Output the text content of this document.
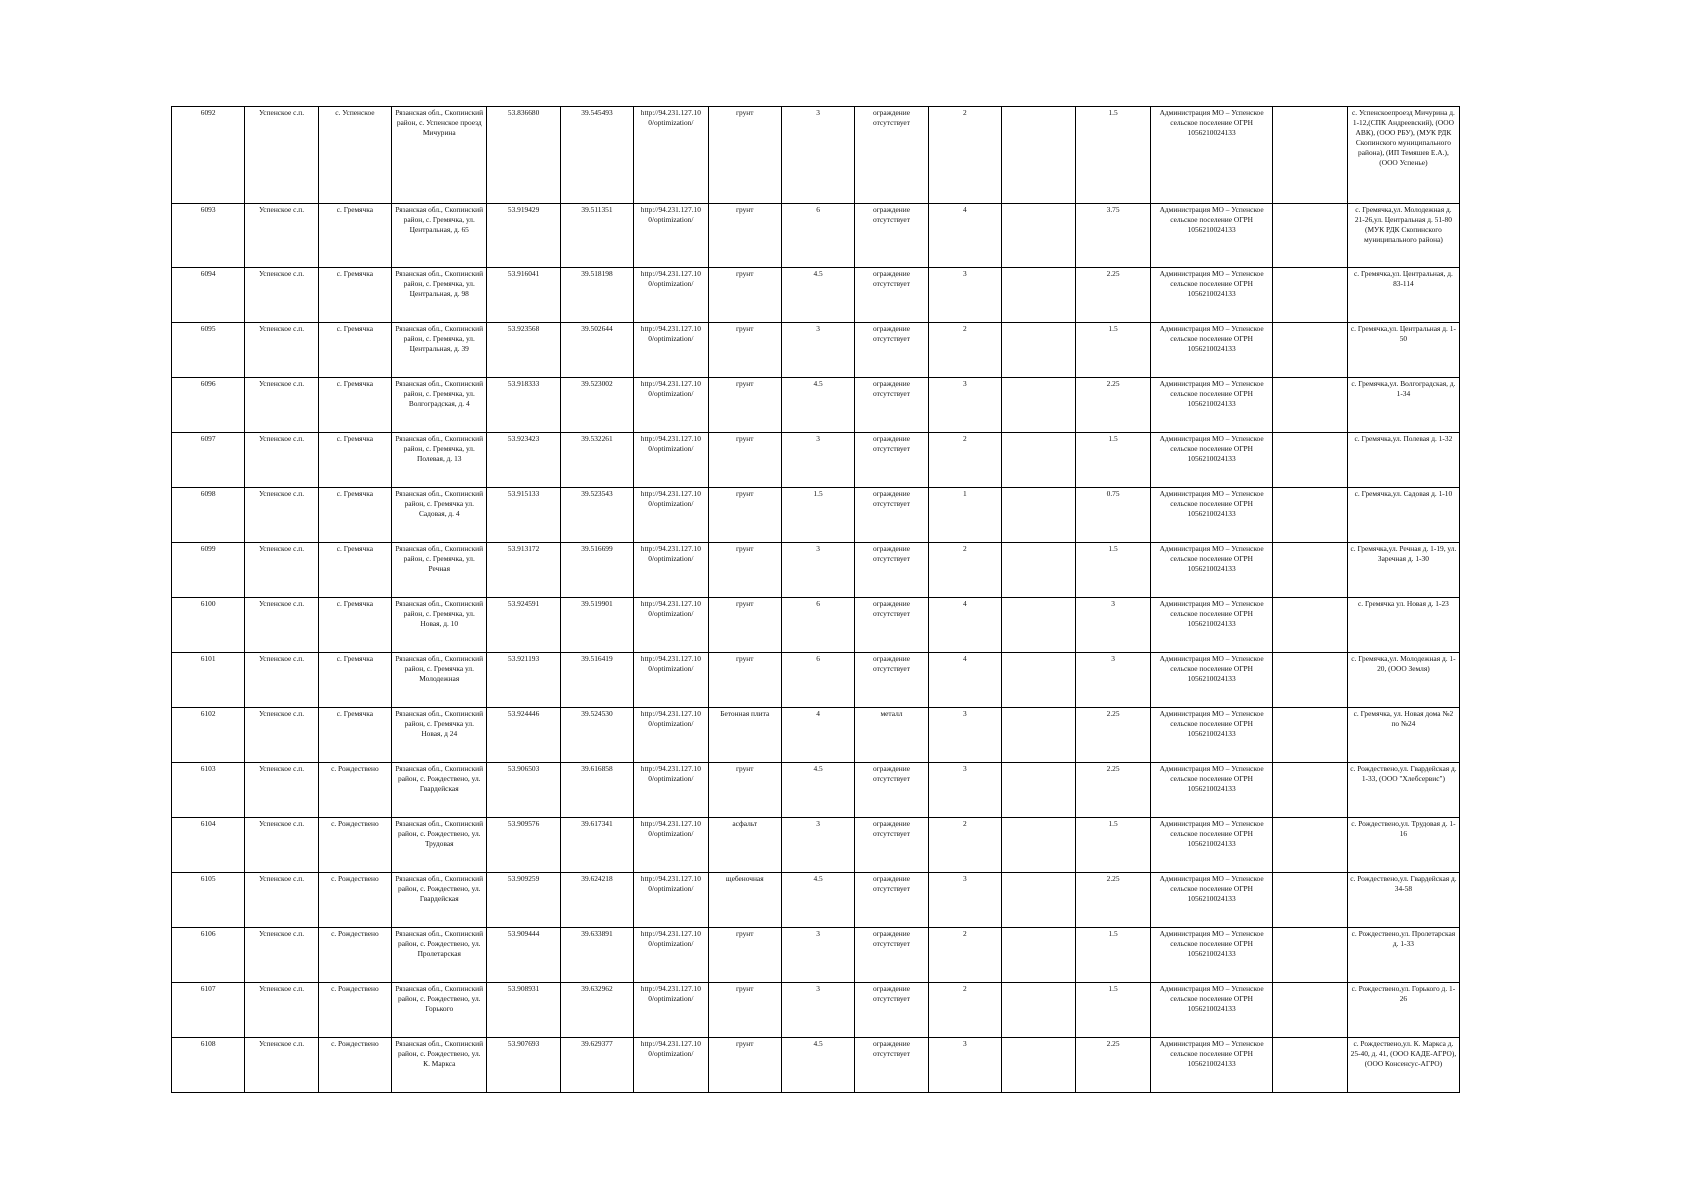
6092	Успенское с.п.	с. Успенское	Рязанская обл., Скопинский район, с. Успенское проезд Мичурина	53.836680	39.545493	http://94.231.127.10 0/optimization/	грунт	3	ограждение отсутствует	2		1.5	Администрация МО – Успенское сельское поселение ОГРН 1056210024133		с. Успенскоепроезд Мичурина д. 1-12,(СПК Андреевский), (ООО АВК), (ООО РБУ), (МУК РДК Скопинского муниципального района), (ИП Темяшев Е.А.), (ООО Успенье)
6093	Успенское с.п.	с. Гремячка	Рязанская обл., Скопинский район, с. Гремячка, ул. Центральная, д. 65	53.919429	39.511351	http://94.231.127.10 0/optimization/	грунт	6	ограждение отсутствует	4		3.75	Администрация МО – Успенское сельское поселение ОГРН 1056210024133		с. Гремячка,ул. Молодежная д. 21-26,ул. Центральная д. 51-80 (МУК РДК Скопинского муниципального района)
6094	Успенское с.п.	с. Гремячка	Рязанская обл., Скопинский район, с. Гремячка, ул. Центральная, д. 98	53.916041	39.518198	http://94.231.127.10 0/optimization/	грунт	4.5	ограждение отсутствует	3		2.25	Администрация МО – Успенское сельское поселение ОГРН 1056210024133		с. Гремячка,ул. Центральная, д. 83-114
6095	Успенское с.п.	с. Гремячка	Рязанская обл., Скопинский район, с. Гремячка, ул. Центральная, д. 39	53.923568	39.502644	http://94.231.127.10 0/optimization/	грунт	3	ограждение отсутствует	2		1.5	Администрация МО – Успенское сельское поселение ОГРН 1056210024133		с. Гремячка,ул. Центральная д. 1-50
6096	Успенское с.п.	с. Гремячка	Рязанская обл., Скопинский район, с. Гремячка, ул. Волгоградская, д. 4	53.918333	39.523002	http://94.231.127.10 0/optimization/	грунт	4.5	ограждение отсутствует	3		2.25	Администрация МО – Успенское сельское поселение ОГРН 1056210024133		с. Гремячка,ул. Волгоградская, д. 1-34
6097	Успенское с.п.	с. Гремячка	Рязанская обл., Скопинский район, с. Гремячка, ул. Полевая, д. 13	53.923423	39.532261	http://94.231.127.10 0/optimization/	грунт	3	ограждение отсутствует	2		1.5	Администрация МО – Успенское сельское поселение ОГРН 1056210024133		с. Гремячка,ул. Полевая д. 1-32
6098	Успенское с.п.	с. Гремячка	Рязанская обл., Скопинский район, с. Гремячка ул. Садовая, д. 4	53.915133	39.523543	http://94.231.127.10 0/optimization/	грунт	1.5	ограждение отсутствует	1		0.75	Администрация МО – Успенское сельское поселение ОГРН 1056210024133		с. Гремячка,ул. Садовая д. 1-10
6099	Успенское с.п.	с. Гремячка	Рязанская обл., Скопинский район, с. Гремячка, ул. Речная	53.913172	39.516699	http://94.231.127.10 0/optimization/	грунт	3	ограждение отсутствует	2		1.5	Администрация МО – Успенское сельское поселение ОГРН 1056210024133		с. Гремячка,ул. Речная д. 1-19, ул. Заречная д. 1-30
6100	Успенское с.п.	с. Гремячка	Рязанская обл., Скопинский район, с. Гремячка, ул. Новая, д. 10	53.924591	39.519901	http://94.231.127.10 0/optimization/	грунт	6	ограждение отсутствует	4		3	Администрация МО – Успенское сельское поселение ОГРН 1056210024133		с. Гремячка ул. Новая д. 1-23
6101	Успенское с.п.	с. Гремячка	Рязанская обл., Скопинский район, с. Гремячка ул. Молодежная	53.921193	39.516419	http://94.231.127.10 0/optimization/	грунт	6	ограждение отсутствует	4		3	Администрация МО – Успенское сельское поселение ОГРН 1056210024133		с. Гремячка,ул. Молодежная д. 1-20, (ООО Земля)
6102	Успенское с.п.	с. Гремячка	Рязанская обл., Скопинский район, с. Гремячка ул. Новая, д 24	53.924446	39.524530	http://94.231.127.10 0/optimization/	Бетонная плита	4	металл	3		2.25	Администрация МО – Успенское сельское поселение ОГРН 1056210024133		с. Гремячка, ул. Новая дома №2 по №24
6103	Успенское с.п.	с. Рождествено	Рязанская обл., Скопинский район, с. Рождествено, ул. Гвардейская	53.906503	39.616858	http://94.231.127.10 0/optimization/	грунт	4.5	ограждение отсутствует	3		2.25	Администрация МО – Успенское сельское поселение ОГРН 1056210024133		с. Рождествено,ул. Гвардейская д. 1-33, (ООО "Хлебсервис")
6104	Успенское с.п.	с. Рождествено	Рязанская обл., Скопинский район, с. Рождествено, ул. Трудовая	53.909576	39.617341	http://94.231.127.10 0/optimization/	асфальт	3	ограждение отсутствует	2		1.5	Администрация МО – Успенское сельское поселение ОГРН 1056210024133		с. Рождествено,ул. Трудовая д. 1-16
6105	Успенское с.п.	с. Рождествено	Рязанская обл., Скопинский район, с. Рождествено, ул. Гвардейская	53.909259	39.624218	http://94.231.127.10 0/optimization/	щебеночная	4.5	ограждение отсутствует	3		2.25	Администрация МО – Успенское сельское поселение ОГРН 1056210024133		с. Рождествено,ул. Гвардейская д. 34-58
6106	Успенское с.п.	с. Рождествено	Рязанская обл., Скопинский район, с. Рождествено, ул. Пролетарская	53.909444	39.633891	http://94.231.127.10 0/optimization/	грунт	3	ограждение отсутствует	2		1.5	Администрация МО – Успенское сельское поселение ОГРН 1056210024133		с. Рождествено,ул. Пролетарская д. 1-33
6107	Успенское с.п.	с. Рождествено	Рязанская обл., Скопинский район, с. Рождествено, ул. Горького	53.908931	39.632962	http://94.231.127.10 0/optimization/	грунт	3	ограждение отсутствует	2		1.5	Администрация МО – Успенское сельское поселение ОГРН 1056210024133		с. Рождествено,ул. Горького д. 1-26
6108	Успенское с.п.	с. Рождествено	Рязанская обл., Скопинский район, с. Рождествено, ул. К. Маркса	53.907693	39.629377	http://94.231.127.10 0/optimization/	грунт	4.5	ограждение отсутствует	3		2.25	Администрация МО – Успенское сельское поселение ОГРН 1056210024133		с. Рождествено,ул. К. Маркса д. 25-40, д. 41, (ООО КАДЕ-АГРО), (ООО Консенсус-АГРО)
